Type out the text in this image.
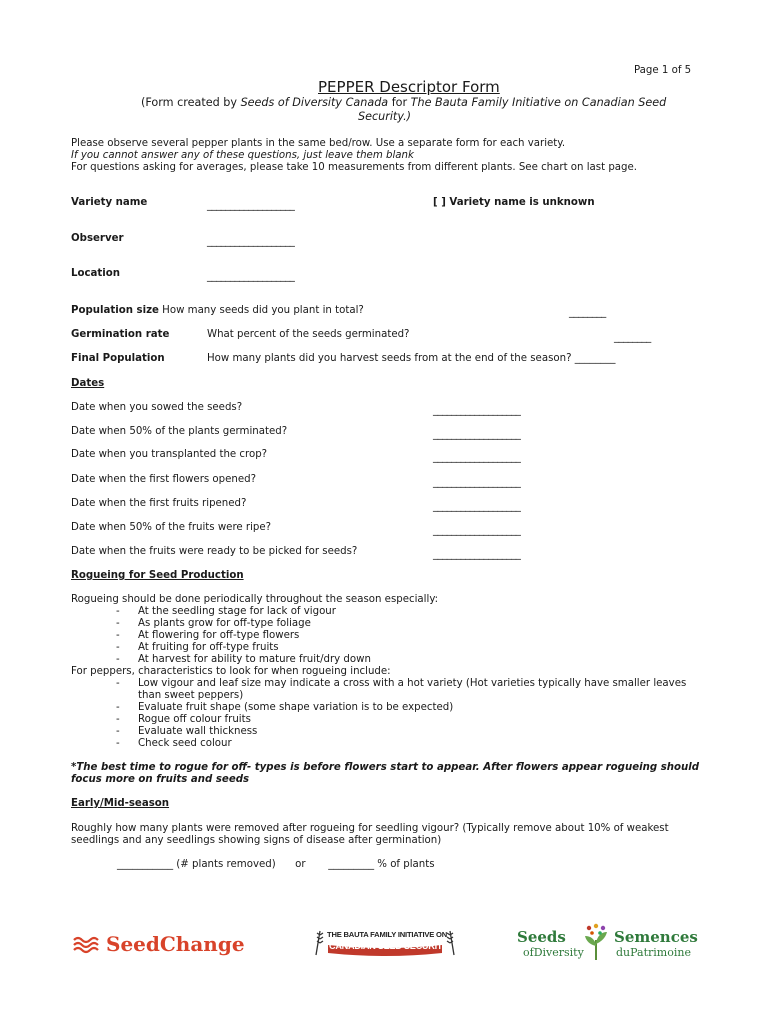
Page 1 of 5
PEPPER Descriptor Form
(Form created by Seeds of Diversity Canada for The Bauta Family Initiative on Canadian Seed
Security.)
Please observe several pepper plants in the same bed/row. Use a separate form for each variety.
If you cannot answer any of these questions, just leave them blank
For questions asking for averages, please take 10 measurements from different plants. See chart on last page.
Variety name	___________________	[ ] Variety name is unknown
Observer	___________________
Location	___________________
Population size How many seeds did you plant in total?	________
Germination rate	What percent of the seeds germinated?	________
Final Population	How many plants did you harvest seeds from at the end of the season? ________
Dates
Date when you sowed the seeds?	___________________
Date when 50% of the plants germinated?	___________________
Date when you transplanted the crop?	___________________
Date when the first flowers opened?	___________________
Date when the first fruits ripened?	___________________
Date when 50% of the fruits were ripe?	___________________
Date when the fruits were ready to be picked for seeds?	___________________
Rogueing for Seed Production
Rogueing should be done periodically throughout the season especially:
- At the seedling stage for lack of vigour
- As plants grow for off-type foliage
- At flowering for off-type flowers
- At fruiting for off-type fruits
- At harvest for ability to mature fruit/dry down
For peppers, characteristics to look for when rogueing include:
- Low vigour and leaf size may indicate a cross with a hot variety (Hot varieties typically have smaller leaves
than sweet peppers)
- Evaluate fruit shape (some shape variation is to be expected)
- Rogue off colour fruits
- Evaluate wall thickness
- Check seed colour
*The best time to rogue for off- types is before flowers start to appear. After flowers appear rogueing should
focus more on fruits and seeds
Early/Mid-season
Roughly how many plants were removed after rogueing for seedling vigour? (Typically remove about 10% of weakest
seedlings and any seedlings showing signs of disease after germination)
___________ (# plants removed)      or       _________ % of plants
SeedChange	THE BAUTA FAMILY INITIATIVE ON
CANADIAN SEED SECURITY	Seeds
ofDiversity
Semences
duPatrimoine
